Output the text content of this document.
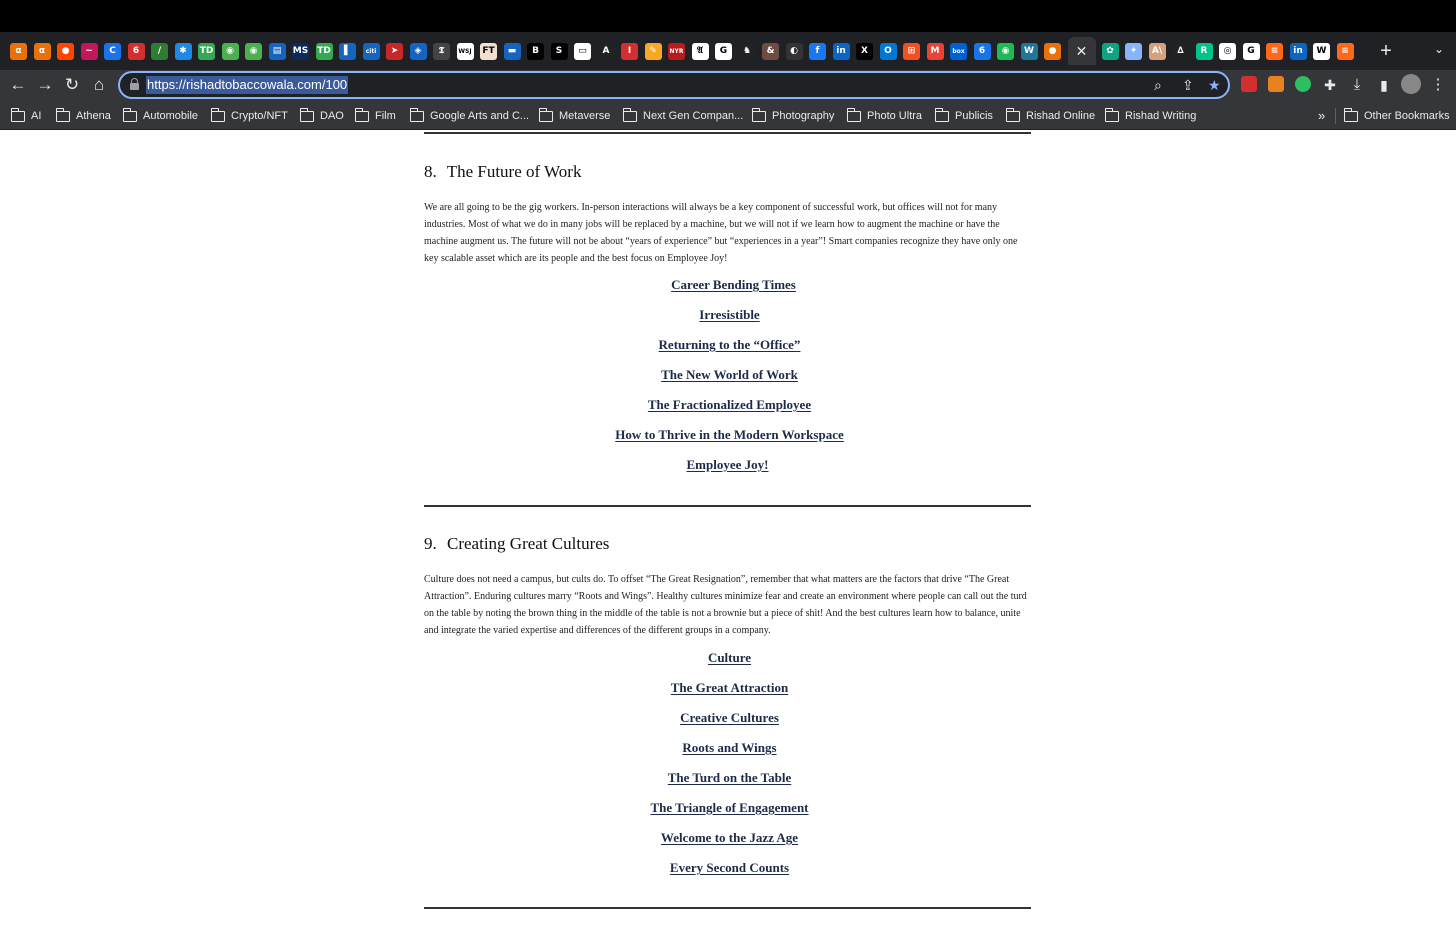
α	α	●	~	C	6	/	✱	TD	◉	◉	▤	MS TD	▌	citi	➤	◈	𝕿	WSJ FT	▬	B	S	▭	A	I	✎	NYR	𝔄	G	♞	&	◐	f	in	X	O	⊞	M	box	6	◉	W	●	✕	✿	✦	A\	∆	R	◎	G	≡	in	W	≡ +	⌄
← → ↻ ⌂	https://rishadtobaccowala.com/100	⌕ ⇪ ★	✚	⤓	▮	⋮
»	Other Bookmarks
AI	Athena	Automobile	Crypto/NFT	DAO	Film	Google Arts and C...	Metaverse	Next Gen Compan...	Photography	Photo Ultra	Publicis	Rishad Online	Rishad Writing
8. The Future of Work
We are all going to be the gig workers. In-person interactions will always be a key component of successful work, but offices will not for many industries. Most of what we do in many jobs will be replaced by a machine, but we will not if we learn how to augment the machine or have the machine augment us. The future will not be about “years of experience” but “experiences in a year”! Smart companies recognize they have only one key scalable asset which are its people and the best focus on Employee Joy!
Career Bending Times
Irresistible
Returning to the “Office”
The New World of Work
The Fractionalized Employee
How to Thrive in the Modern Workspace
Employee Joy!
9. Creating Great Cultures
Culture does not need a campus, but cults do. To offset “The Great Resignation”, remember that what matters are the factors that drive “The Great Attraction”. Enduring cultures marry “Roots and Wings”. Healthy cultures minimize fear and create an environment where people can call out the turd on the table by noting the brown thing in the middle of the table is not a brownie but a piece of shit! And the best cultures learn how to balance, unite and integrate the varied expertise and differences of the different groups in a company.
Culture
The Great Attraction
Creative Cultures
Roots and Wings
The Turd on the Table
The Triangle of Engagement
Welcome to the Jazz Age
Every Second Counts
